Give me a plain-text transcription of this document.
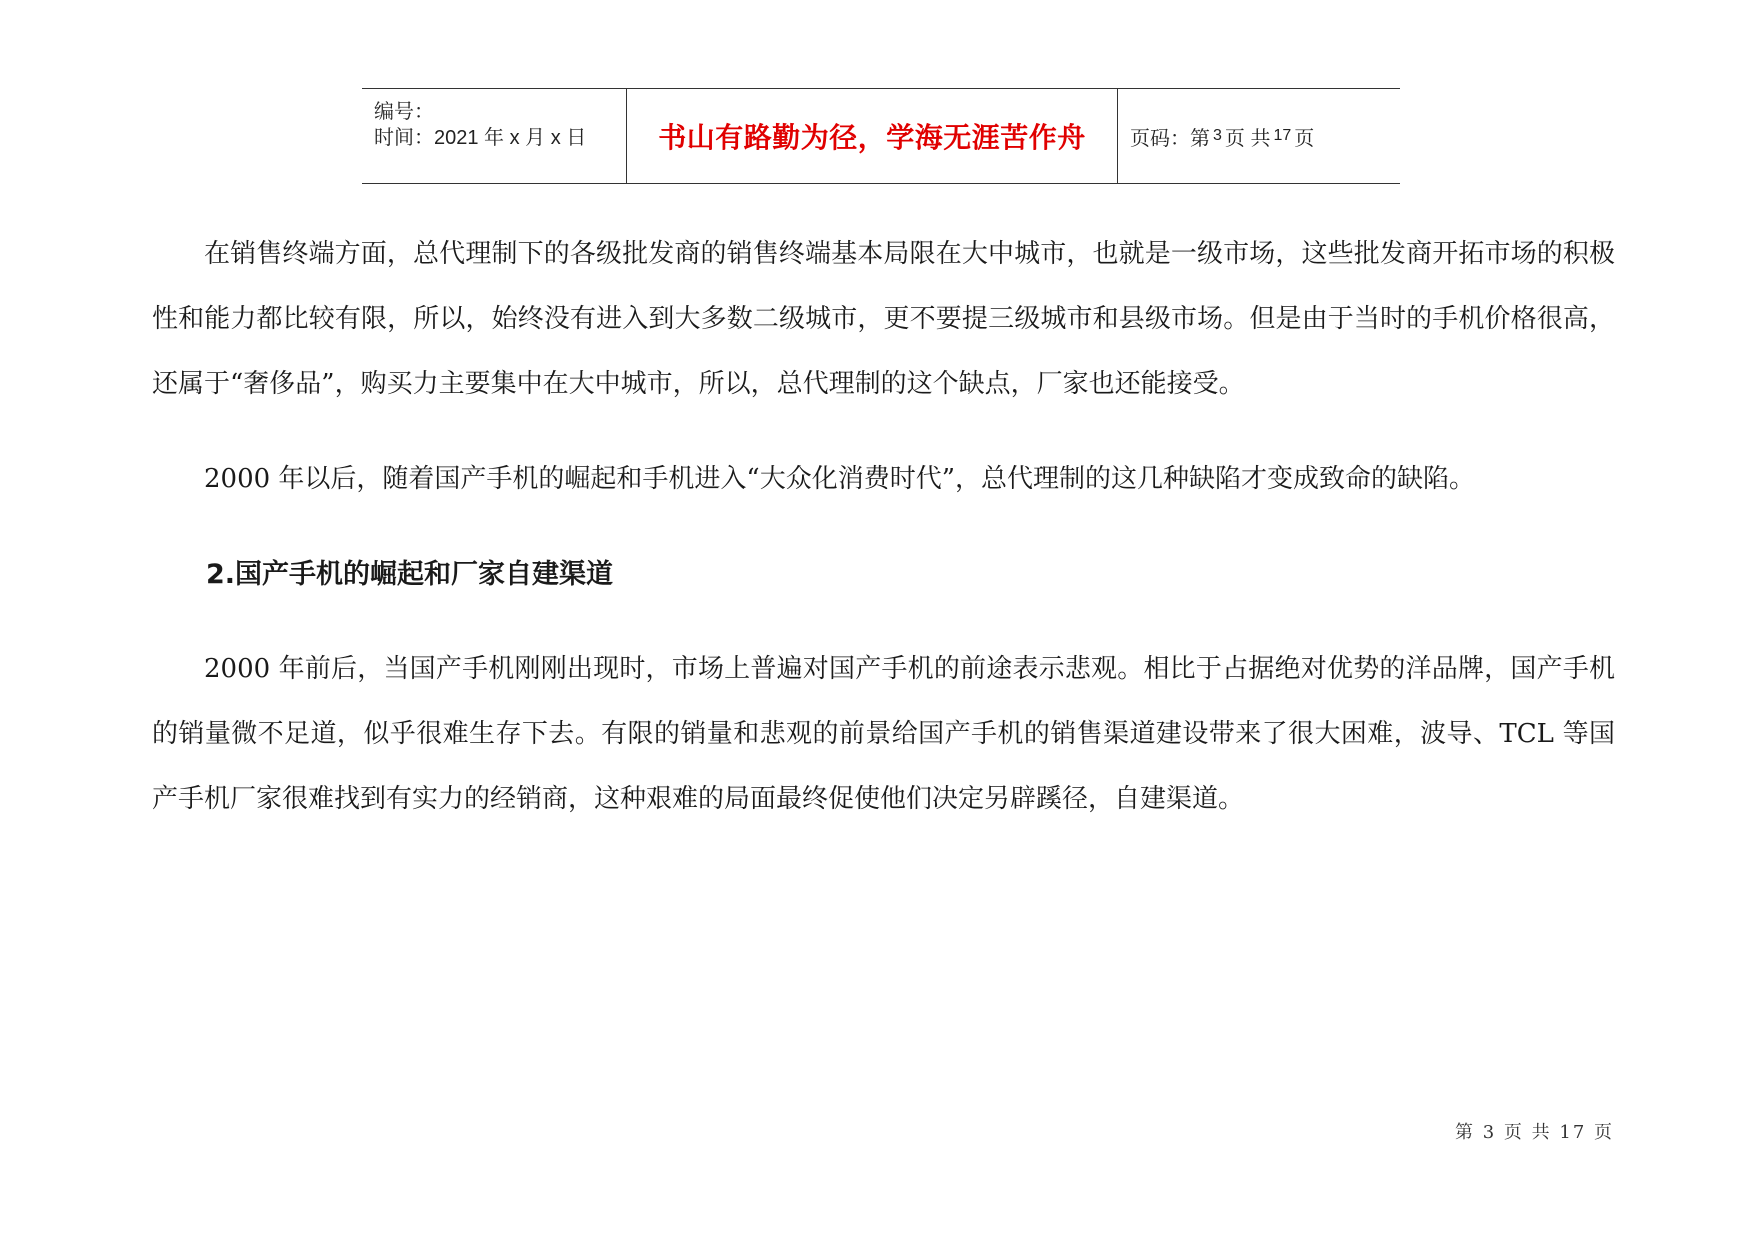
编号：
时间：2021 年 x 月 x 日	书山有路勤为径，学海无涯苦作舟 页码：第 3 页 共 17 页

在销售终端方面，总代理制下的各级批发商的销售终端基本局限在大中城市，也就是一级市场，这些批发商开拓市场的积极性和能力都比较有限，所以，始终没有进入到大多数二级城市，更不要提三级城市和县级市场。但是由于当时的手机价格很高，还属于“奢侈品”，购买力主要集中在大中城市，所以，总代理制的这个缺点，厂家也还能接受。

2000 年以后，随着国产手机的崛起和手机进入“大众化消费时代”，总代理制的这几种缺陷才变成致命的缺陷。

2.国产手机的崛起和厂家自建渠道

2000 年前后，当国产手机刚刚出现时，市场上普遍对国产手机的前途表示悲观。相比于占据绝对优势的洋品牌，国产手机的销量微不足道，似乎很难生存下去。有限的销量和悲观的前景给国产手机的销售渠道建设带来了很大困难，波导、TCL 等国产手机厂家很难找到有实力的经销商，这种艰难的局面最终促使他们决定另辟蹊径，自建渠道。

第 3 页 共 17 页
